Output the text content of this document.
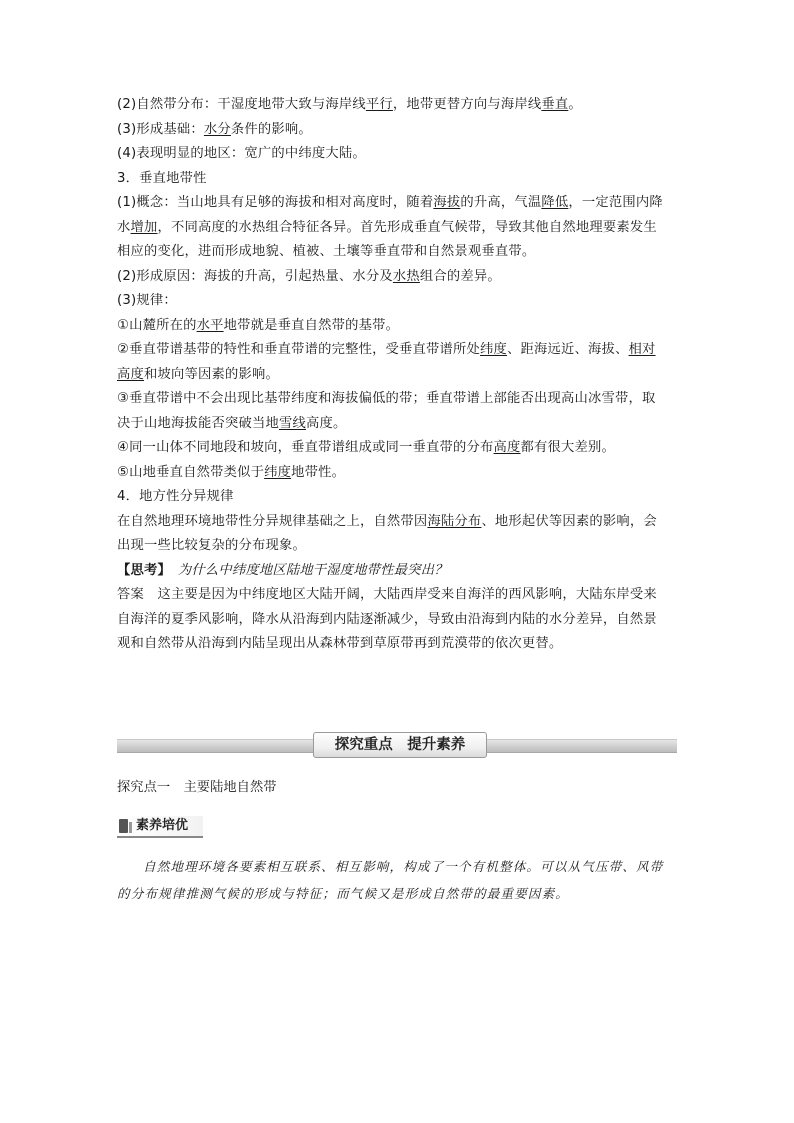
(2)自然带分布：干湿度地带大致与海岸线平行，地带更替方向与海岸线垂直。

(3)形成基础：水分条件的影响。

(4)表现明显的地区：宽广的中纬度大陆。

3．垂直地带性

(1)概念：当山地具有足够的海拔和相对高度时，随着海拔的升高，气温降低，一定范围内降

水增加，不同高度的水热组合特征各异。首先形成垂直气候带，导致其他自然地理要素发生

相应的变化，进而形成地貌、植被、土壤等垂直带和自然景观垂直带。

(2)形成原因：海拔的升高，引起热量、水分及水热组合的差异。

(3)规律：

①山麓所在的水平地带就是垂直自然带的基带。

②垂直带谱基带的特性和垂直带谱的完整性，受垂直带谱所处纬度、距海远近、海拔、相对

高度和坡向等因素的影响。

③垂直带谱中不会出现比基带纬度和海拔偏低的带；垂直带谱上部能否出现高山冰雪带，取

决于山地海拔能否突破当地雪线高度。

④同一山体不同地段和坡向，垂直带谱组成或同一垂直带的分布高度都有很大差别。

⑤山地垂直自然带类似于纬度地带性。

4．地方性分异规律

在自然地理环境地带性分异规律基础之上，自然带因海陆分布、地形起伏等因素的影响，会

出现一些比较复杂的分布现象。

【思考】　 为什么中纬度地区陆地干湿度地带性最突出？

答案　 这主要是因为中纬度地区大陆开阔，大陆西岸受来自海洋的西风影响，大陆东岸受来

自海洋的夏季风影响，降水从沿海到内陆逐渐减少，导致由沿海到内陆的水分差异，自然景

观和自然带从沿海到内陆呈现出从森林带到草原带再到荒漠带的依次更替。

探究重点　提升素养

探究点一　主要陆地自然带

素养培优

自然地理环境各要素相互联系、相互影响，构成了一个有机整体。可以从气压带、风带
的分布规律推测气候的形成与特征；而气候又是形成自然带的最重要因素。
